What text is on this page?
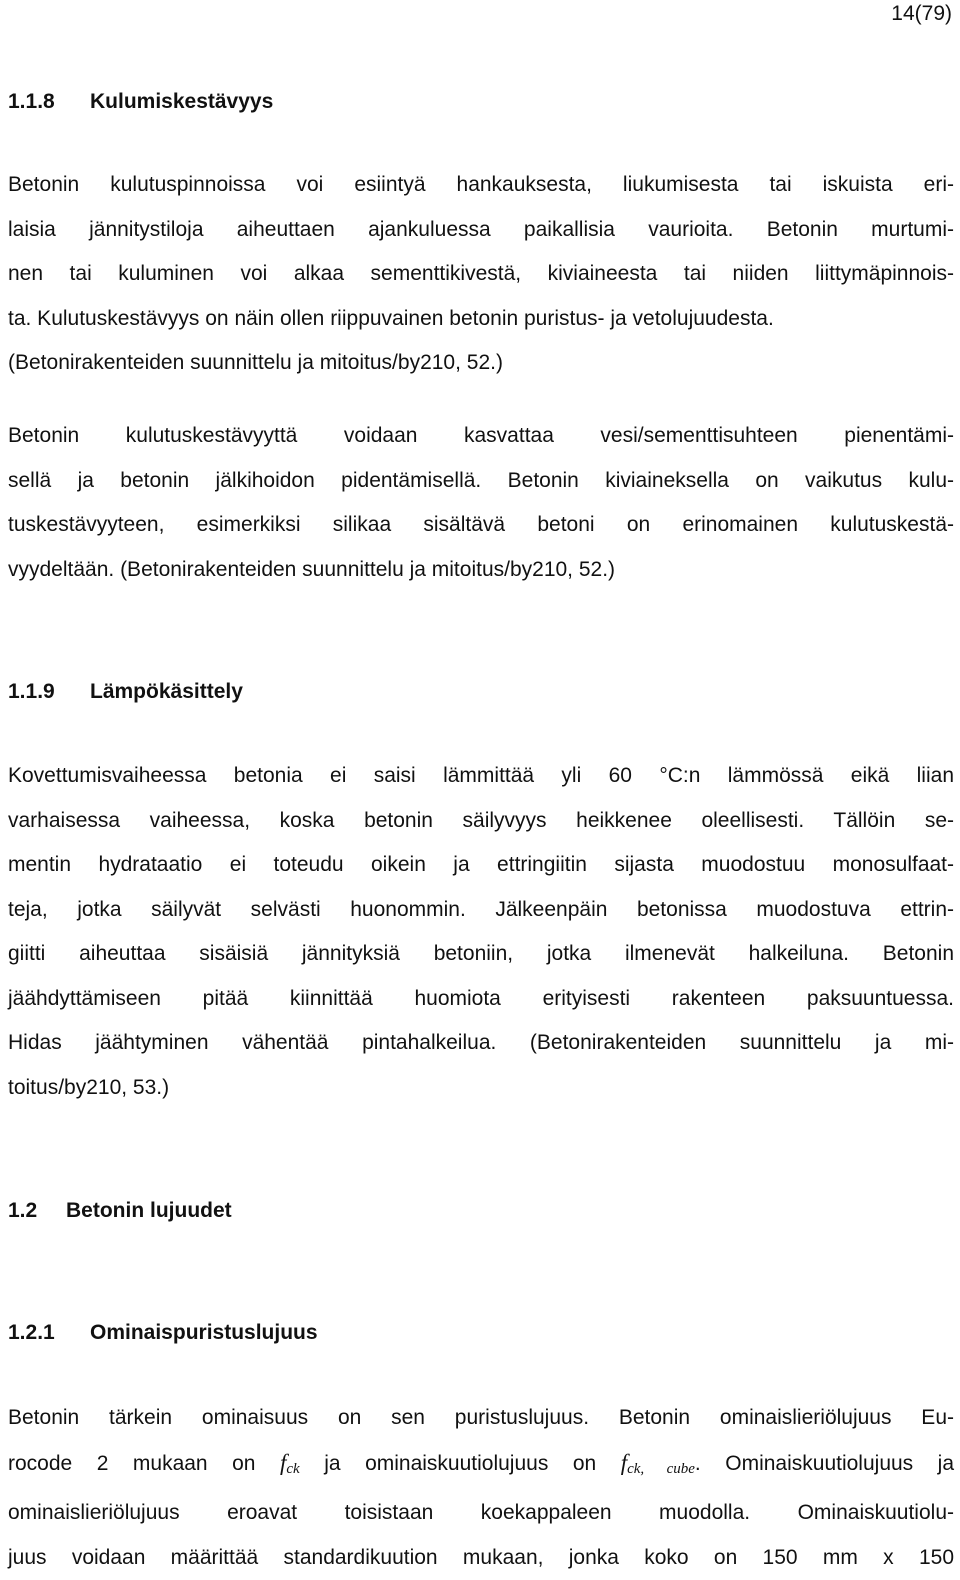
14(79)
1.1.8 Kulumiskestävyys
Betonin kulutuspinnoissa voi esiintyä hankauksesta, liukumisesta tai iskuista eri-
laisia jännitystiloja aiheuttaen ajankuluessa paikallisia vaurioita. Betonin murtumi-
nen tai kuluminen voi alkaa sementtikivestä, kiviaineesta tai niiden liittymäpinnois-
ta. Kulutuskestävyys on näin ollen riippuvainen betonin puristus- ja vetolujuudesta.
(Betonirakenteiden suunnittelu ja mitoitus/by210, 52.)
Betonin kulutuskestävyyttä voidaan kasvattaa vesi/sementtisuhteen pienentämi-
sellä ja betonin jälkihoidon pidentämisellä. Betonin kiviaineksella on vaikutus kulu-
tuskestävyyteen, esimerkiksi silikaa sisältävä betoni on erinomainen kulutuskestä-
vyydeltään. (Betonirakenteiden suunnittelu ja mitoitus/by210, 52.)
1.1.9 Lämpökäsittely
Kovettumisvaiheessa betonia ei saisi lämmittää yli 60 °C:n lämmössä eikä liian
varhaisessa vaiheessa, koska betonin säilyvyys heikkenee oleellisesti. Tällöin se-
mentin hydrataatio ei toteudu oikein ja ettringiitin sijasta muodostuu monosulfaat-
teja, jotka säilyvät selvästi huonommin. Jälkeenpäin betonissa muodostuva ettrin-
giitti aiheuttaa sisäisiä jännityksiä betoniin, jotka ilmenevät halkeiluna. Betonin
jäähdyttämiseen pitää kiinnittää huomiota erityisesti rakenteen paksuuntuessa.
Hidas jäähtyminen vähentää pintahalkeilua. (Betonirakenteiden suunnittelu ja mi-
toitus/by210, 53.)
1.2 Betonin lujuudet
1.2.1 Ominaispuristuslujuus
Betonin tärkein ominaisuus on sen puristuslujuus. Betonin ominaislieriölujuus Eu-
rocode 2 mukaan on $f_{ck}$ ja ominaiskuutiolujuus on $f_{ck, cube}$. Ominaiskuutiolujuus ja
ominaislieriölujuus eroavat toisistaan koekappaleen muodolla. Ominaiskuutiolu-
juus voidaan määrittää standardikuution mukaan, jonka koko on 150 mm x 150
